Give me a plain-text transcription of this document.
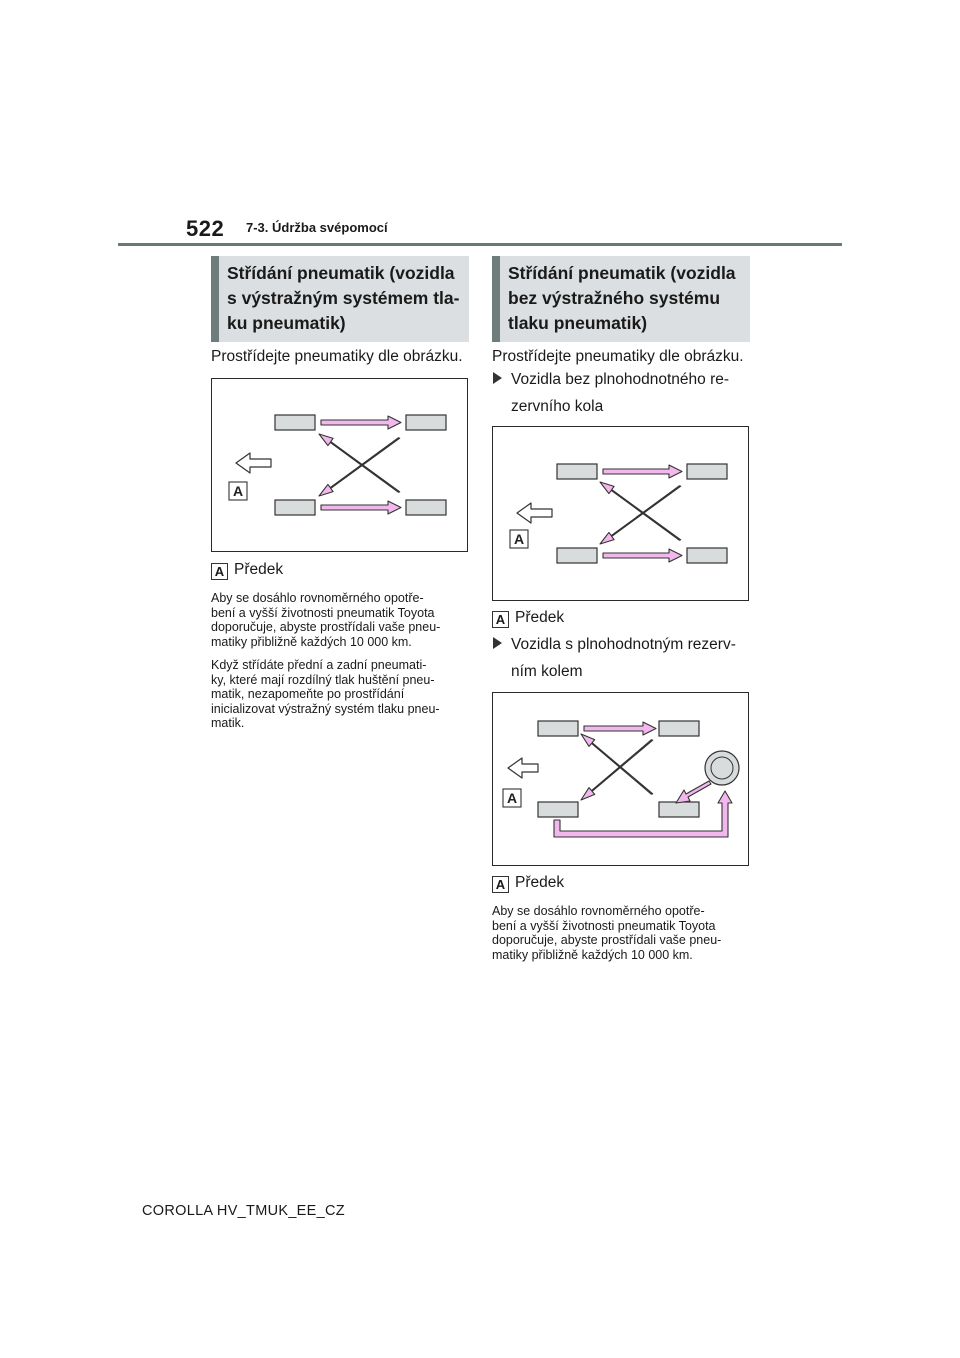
522 7-3. Údržba svépomocí
Střídání pneumatik (vozidla
s výstražným systémem tla-
ku pneumatik)
Prostřídejte pneumatiky dle obrázku.
A
A Předek

Aby se dosáhlo rovnoměrného opotře-
bení a vyšší životnosti pneumatik Toyota
doporučuje, abyste prostřídali vaše pneu-
matiky přibližně každých 10 000 km.

Když střídáte přední a zadní pneumati-
ky, které mají rozdílný tlak huštění pneu-
matik, nezapomeňte po prostřídání
inicializovat výstražný systém tlaku pneu-
matik.

Střídání pneumatik (vozidla
bez výstražného systému
tlaku pneumatik)
Prostřídejte pneumatiky dle obrázku.
Vozidla bez plnohodnotného re-
zervního kola
A
A Předek
Vozidla s plnohodnotným rezerv-
ním kolem
A
A Předek

Aby se dosáhlo rovnoměrného opotře-
bení a vyšší životnosti pneumatik Toyota
doporučuje, abyste prostřídali vaše pneu-
matiky přibližně každých 10 000 km.

COROLLA HV_TMUK_EE_CZ
